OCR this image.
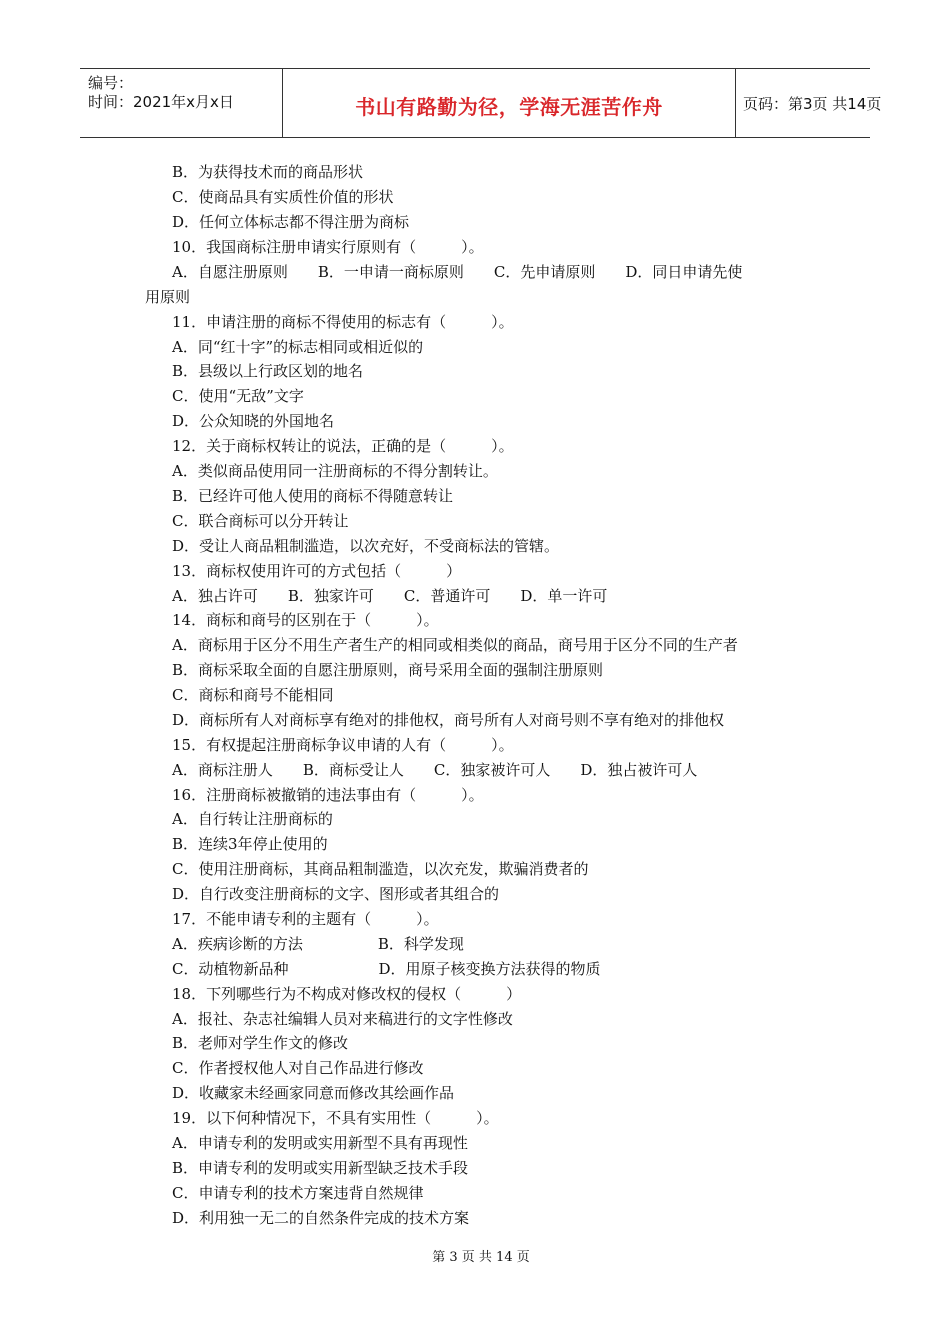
编号：
时间：2021年x月x日	书山有路勤为径，学海无涯苦作舟	页码：第3页 共14页
B．为获得技术而的商品形状
C．使商品具有实质性价值的形状
D．任何立体标志都不得注册为商标
10．我国商标注册申请实行原则有（　　　）。
A．自愿注册原则　　B．一申请一商标原则　　C．先申请原则　　D．同日申请先使
用原则
11．申请注册的商标不得使用的标志有（　　　）。
A．同“红十字”的标志相同或相近似的
B．县级以上行政区划的地名
C．使用“无敌”文字
D．公众知晓的外国地名
12．关于商标权转让的说法，正确的是（　　　）。
A．类似商品使用同一注册商标的不得分割转让。
B．已经许可他人使用的商标不得随意转让
C．联合商标可以分开转让
D．受让人商品粗制滥造，以次充好，不受商标法的管辖。
13．商标权使用许可的方式包括（　　　）
A．独占许可　　B．独家许可　　C．普通许可　　D．单一许可
14．商标和商号的区别在于（　　　）。
A．商标用于区分不用生产者生产的相同或相类似的商品，商号用于区分不同的生产者
B．商标采取全面的自愿注册原则，商号采用全面的强制注册原则
C．商标和商号不能相同
D．商标所有人对商标享有绝对的排他权，商号所有人对商号则不享有绝对的排他权
15．有权提起注册商标争议申请的人有（　　　）。
A．商标注册人　　B．商标受让人　　C．独家被许可人　　D．独占被许可人
16．注册商标被撤销的违法事由有（　　　）。
A．自行转让注册商标的
B．连续3年停止使用的
C．使用注册商标，其商品粗制滥造，以次充发，欺骗消费者的
D．自行改变注册商标的文字、图形或者其组合的
17．不能申请专利的主题有（　　　）。
A．疾病诊断的方法　　　　　B．科学发现
C．动植物新品种　　　　　　D．用原子核变换方法获得的物质
18．下列哪些行为不构成对修改权的侵权（　　　）
A．报社、杂志社编辑人员对来稿进行的文字性修改
B．老师对学生作文的修改
C．作者授权他人对自己作品进行修改
D．收藏家未经画家同意而修改其绘画作品
19．以下何种情况下，不具有实用性（　　　）。
A．申请专利的发明或实用新型不具有再现性
B．申请专利的发明或实用新型缺乏技术手段
C．申请专利的技术方案违背自然规律
D．利用独一无二的自然条件完成的技术方案
第 3 页 共 14 页
